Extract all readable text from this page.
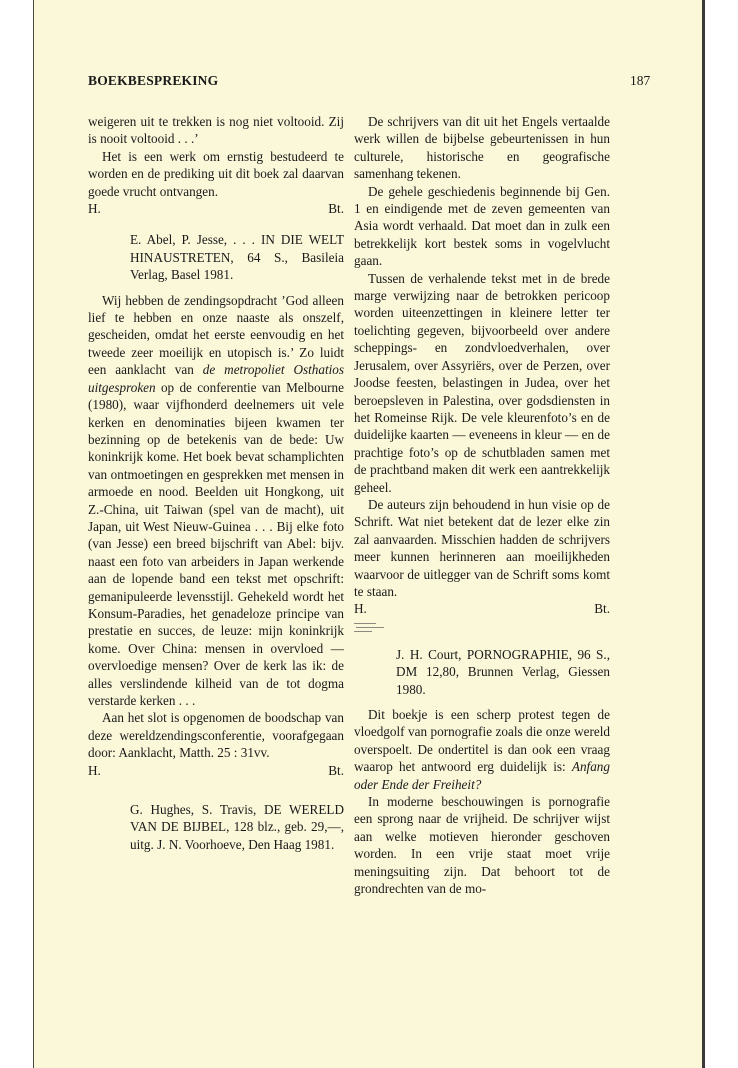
BOEKBESPREKING	187

weigeren uit te trekken is nog niet voltooid. Zij is nooit voltooid . . .’

Het is een werk om ernstig bestudeerd te worden en de prediking uit dit boek zal daarvan goede vrucht ontvangen.

H.	Bt.
E. Abel, P. Jesse, . . . IN DIE WELT HINAUSTRETEN, 64 S., Basileia Verlag, Basel 1981.

Wij hebben de zendingsopdracht ’God alleen lief te hebben en onze naaste als onszelf, gescheiden, omdat het eerste eenvoudig en het tweede zeer moeilijk en utopisch is.’ Zo luidt een aanklacht van de metropoliet Osthatios uitgesproken op de conferentie van Melbourne (1980), waar vijfhonderd deelnemers uit vele kerken en denominaties bijeen kwamen ter bezinning op de betekenis van de bede: Uw koninkrijk kome. Het boek bevat schamplichten van ontmoetingen en gesprekken met mensen in armoede en nood. Beelden uit Hongkong, uit Z.-China, uit Taiwan (spel van de macht), uit Japan, uit West Nieuw-Guinea . . . Bij elke foto (van Jesse) een breed bijschrift van Abel: bijv. naast een foto van arbeiders in Japan werkende aan de lopende band een tekst met opschrift: gemanipuleerde levensstijl. Gehekeld wordt het Konsum-Paradies, het genadeloze principe van prestatie en succes, de leuze: mijn koninkrijk kome. Over China: mensen in overvloed — overvloedige mensen? Over de kerk las ik: de alles verslindende kilheid van de tot dogma verstarde kerken . . .

Aan het slot is opgenomen de boodschap van deze wereldzendingsconferentie, voorafgegaan door: Aanklacht, Matth. 25 : 31vv.

H.	Bt.
G. Hughes, S. Travis, DE WERELD VAN DE BIJBEL, 128 blz., geb. 29,—, uitg. J. N. Voorhoeve, Den Haag 1981.

De schrijvers van dit uit het Engels vertaalde werk willen de bijbelse gebeurtenissen in hun culturele, historische en geografische samenhang tekenen.

De gehele geschiedenis beginnende bij Gen. 1 en eindigende met de zeven gemeenten van Asia wordt verhaald. Dat moet dan in zulk een betrekkelijk kort bestek soms in vogelvlucht gaan.

Tussen de verhalende tekst met in de brede marge verwijzing naar de betrokken pericoop worden uiteenzettingen in kleinere letter ter toelichting gegeven, bijvoorbeeld over andere scheppings- en zondvloedverhalen, over Jerusalem, over Assyriërs, over de Perzen, over Joodse feesten, belastingen in Judea, over het beroepsleven in Palestina, over godsdiensten in het Romeinse Rijk. De vele kleurenfoto’s en de duidelijke kaarten — eveneens in kleur — en de prachtige foto’s op de schutbladen samen met de prachtband maken dit werk een aantrekkelijk geheel.

De auteurs zijn behoudend in hun visie op de Schrift. Wat niet betekent dat de lezer elke zin zal aanvaarden. Misschien hadden de schrijvers meer kunnen herinneren aan moeilijkheden waarvoor de uitlegger van de Schrift soms komt te staan.

H.	Bt.
J. H. Court, PORNOGRAPHIE, 96 S., DM 12,80, Brunnen Verlag, Giessen 1980.

Dit boekje is een scherp protest tegen de vloedgolf van pornografie zoals die onze wereld overspoelt. De ondertitel is dan ook een vraag waarop het antwoord erg duidelijk is: Anfang oder Ende der Freiheit?

In moderne beschouwingen is pornografie een sprong naar de vrijheid. De schrijver wijst aan welke motieven hieronder geschoven worden. In een vrije staat moet vrije meningsuiting zijn. Dat behoort tot de grondrechten van de mo-
